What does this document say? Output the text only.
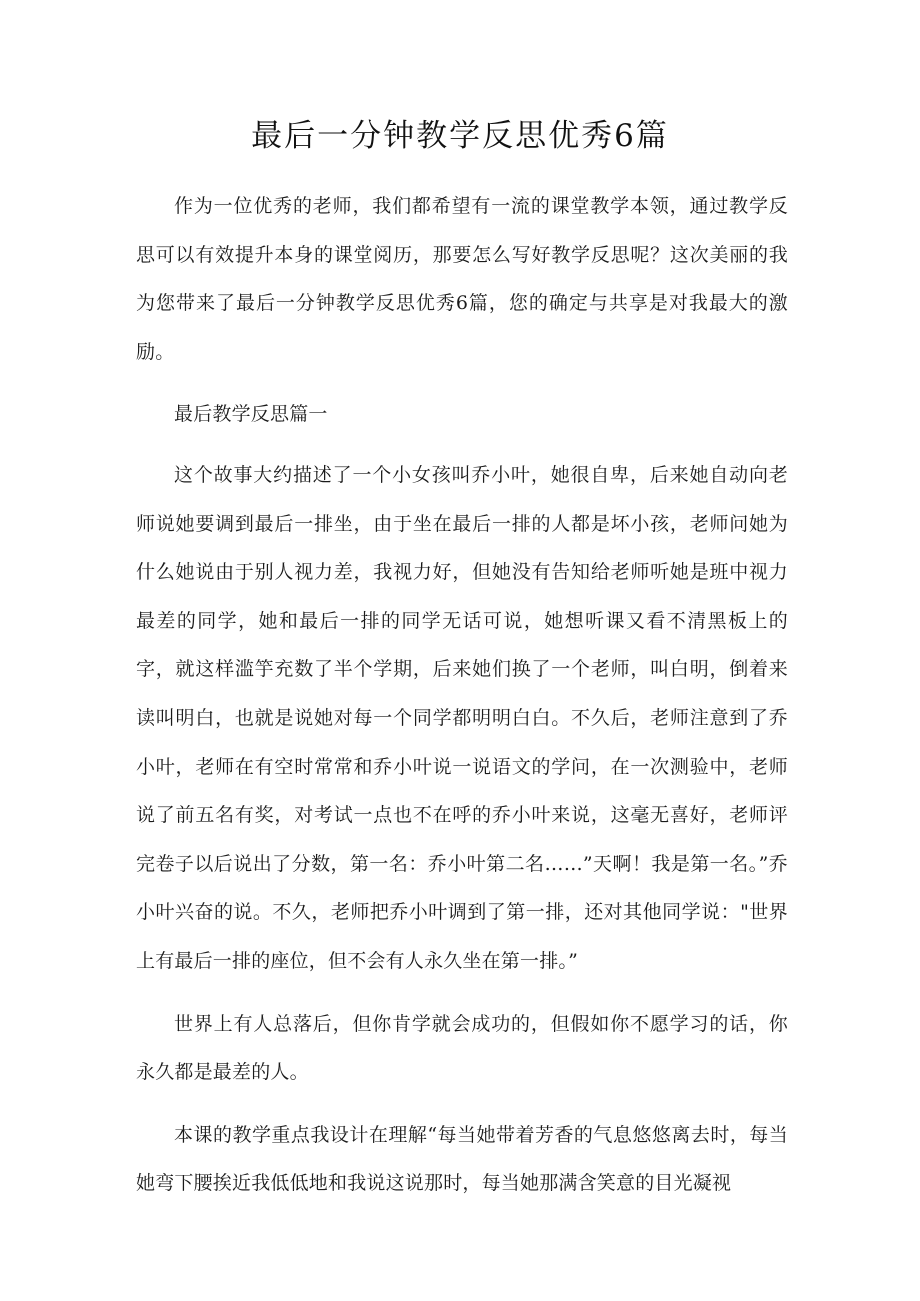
最后一分钟教学反思优秀6篇

作为一位优秀的老师，我们都希望有一流的课堂教学本领，通过教学反思可以有效提升本身的课堂阅历，那要怎么写好教学反思呢？这次美丽的我为您带来了最后一分钟教学反思优秀6篇，您的确定与共享是对我最大的激励。

最后教学反思篇一

这个故事大约描述了一个小女孩叫乔小叶，她很自卑，后来她自动向老师说她要调到最后一排坐，由于坐在最后一排的人都是坏小孩，老师问她为什么她说由于别人视力差，我视力好，但她没有告知给老师听她是班中视力最差的同学，她和最后一排的同学无话可说，她想听课又看不清黑板上的字，就这样滥竽充数了半个学期，后来她们换了一个老师，叫白明，倒着来读叫明白，也就是说她对每一个同学都明明白白。不久后，老师注意到了乔小叶，老师在有空时常常和乔小叶说一说语文的学问，在一次测验中，老师说了前五名有奖，对考试一点也不在呼的乔小叶来说，这毫无喜好，老师评完卷子以后说出了分数，第一名：乔小叶第二名……”天啊！我是第一名。”乔小叶兴奋的说。不久，老师把乔小叶调到了第一排，还对其他同学说："世界上有最后一排的座位，但不会有人永久坐在第一排。”

世界上有人总落后，但你肯学就会成功的，但假如你不愿学习的话，你永久都是最差的人。

本课的教学重点我设计在理解“每当她带着芳香的气息悠悠离去时，每当她弯下腰挨近我低低地和我说这说那时，每当她那满含笑意的目光凝视
